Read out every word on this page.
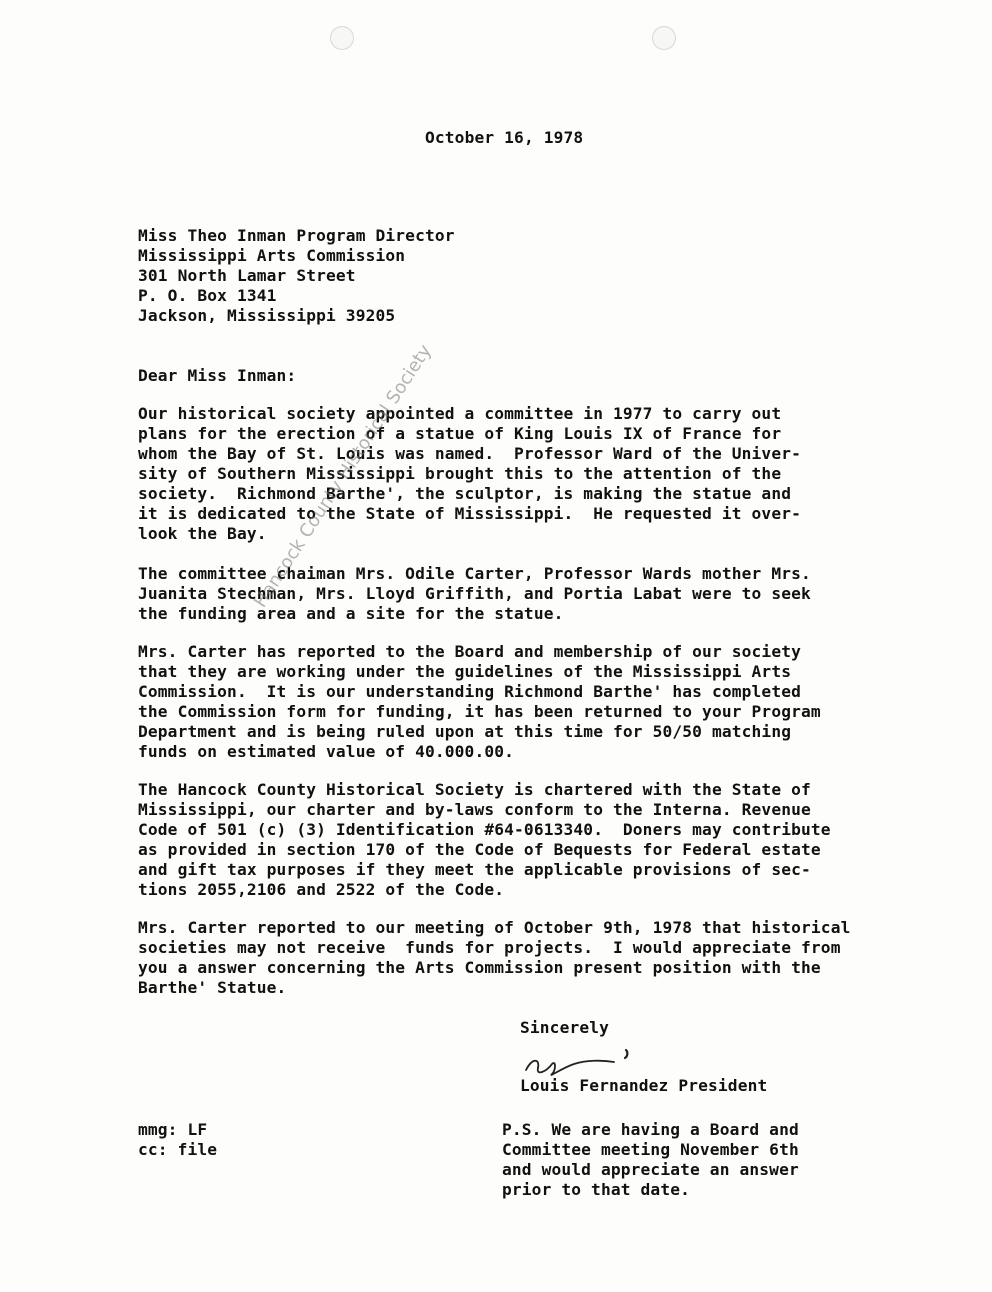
October 16, 1978
Miss Theo Inman Program Director
Mississippi Arts Commission
301 North Lamar Street
P. O. Box 1341
Jackson, Mississippi 39205
Dear Miss Inman:
Our historical society appointed a committee in 1977 to carry out
plans for the erection of a statue of King Louis IX of France for
whom the Bay of St. Louis was named.  Professor Ward of the Univer-
sity of Southern Mississippi brought this to the attention of the
society.  Richmond Barthe', the sculptor, is making the statue and
it is dedicated to the State of Mississippi.  He requested it over-
look the Bay.
The committee chaiman Mrs. Odile Carter, Professor Wards mother Mrs.
Juanita Stechman, Mrs. Lloyd Griffith, and Portia Labat were to seek
the funding area and a site for the statue.
Mrs. Carter has reported to the Board and membership of our society
that they are working under the guidelines of the Mississippi Arts
Commission.  It is our understanding Richmond Barthe' has completed
the Commission form for funding, it has been returned to your Program
Department and is being ruled upon at this time for 50/50 matching
funds on estimated value of 40.000.00.
The Hancock County Historical Society is chartered with the State of
Mississippi, our charter and by-laws conform to the Interna. Revenue
Code of 501 (c) (3) Identification #64-0613340.  Doners may contribute
as provided in section 170 of the Code of Bequests for Federal estate
and gift tax purposes if they meet the applicable provisions of sec-
tions 2055,2106 and 2522 of the Code.
Mrs. Carter reported to our meeting of October 9th, 1978 that historical
societies may not receive  funds for projects.  I would appreciate from
you a answer concerning the Arts Commission present position with the
Barthe' Statue.
Sincerely
Louis Fernandez President
mmg: LF
cc: file
P.S. We are having a Board and
Committee meeting November 6th
and would appreciate an answer
prior to that date.
Hancock County Historical Society
